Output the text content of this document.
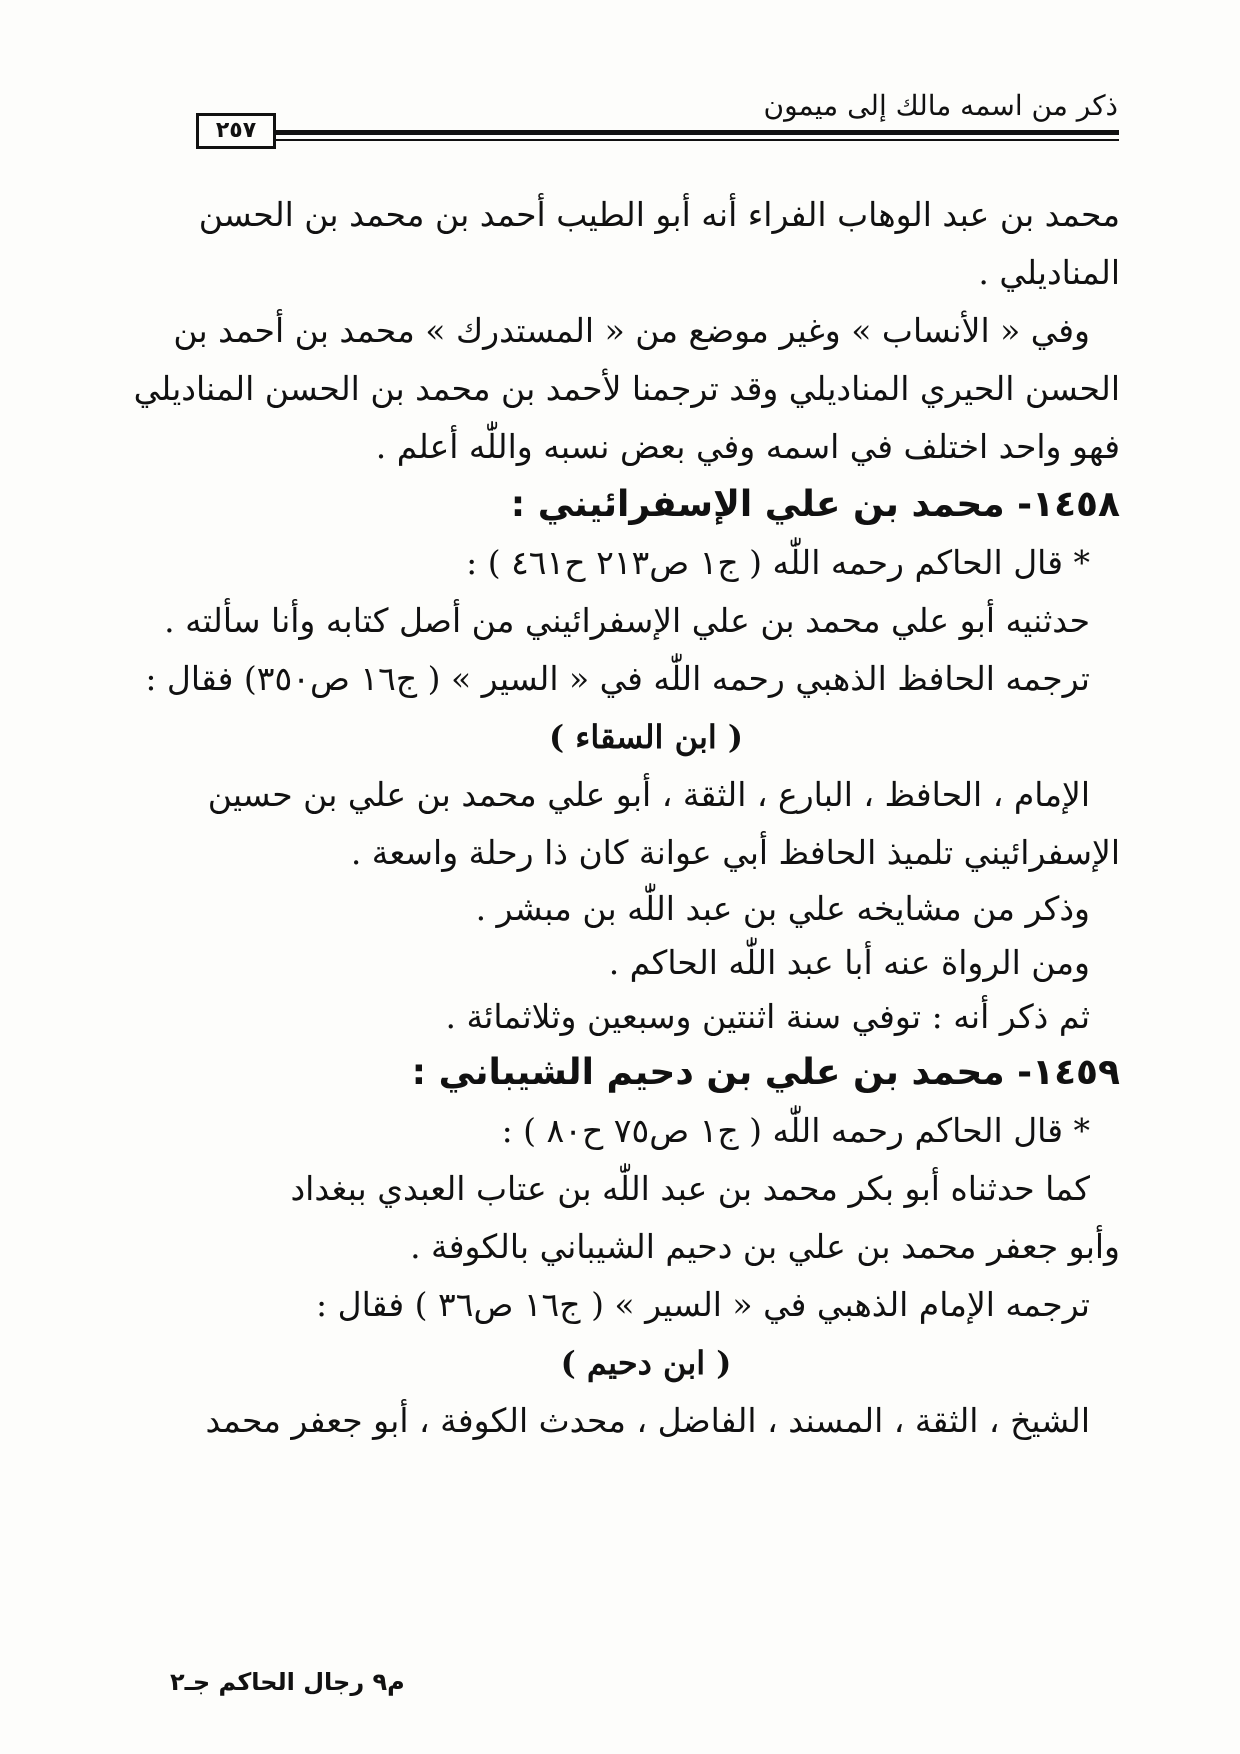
ذكر من اسمه مالك إلى ميمون
٢٥٧
محمد بن عبد الوهاب الفراء أنه أبو الطيب أحمد بن محمد بن الحسن
المناديلي .
وفي « الأنساب » وغير موضع من « المستدرك » محمد بن أحمد بن
الحسن الحيري المناديلي وقد ترجمنا لأحمد بن محمد بن الحسن المناديلي
فهو واحد اختلف في اسمه وفي بعض نسبه واللّٰه أعلم .
١٤٥٨- محمد بن علي الإسفرائيني :
* قال الحاكم رحمه اللّٰه ( ج١ ص٢١٣ ح٤٦١ ) :
حدثنيه أبو علي محمد بن علي الإسفرائيني من أصل كتابه وأنا سألته .
ترجمه الحافظ الذهبي رحمه اللّٰه في « السير » ( ج١٦ ص٣٥٠) فقال :
( ابن السقاء )
الإمام ، الحافظ ، البارع ، الثقة ، أبو علي محمد بن علي بن حسين
الإسفرائيني تلميذ الحافظ أبي عوانة كان ذا رحلة واسعة .
وذكر من مشايخه علي بن عبد اللّٰه بن مبشر .
ومن الرواة عنه أبا عبد اللّٰه الحاكم .
ثم ذكر أنه : توفي سنة اثنتين وسبعين وثلاثمائة .
١٤٥٩- محمد بن علي بن دحيم الشيباني :
* قال الحاكم رحمه اللّٰه ( ج١ ص٧٥ ح٨٠ ) :
كما حدثناه أبو بكر محمد بن عبد اللّٰه بن عتاب العبدي ببغداد
وأبو جعفر محمد بن علي بن دحيم الشيباني بالكوفة .
ترجمه الإمام الذهبي في « السير » ( ج١٦ ص٣٦ ) فقال :
( ابن دحيم )
الشيخ ، الثقة ، المسند ، الفاضل ، محدث الكوفة ، أبو جعفر محمد
م٩ رجال الحاكم جـ٢
